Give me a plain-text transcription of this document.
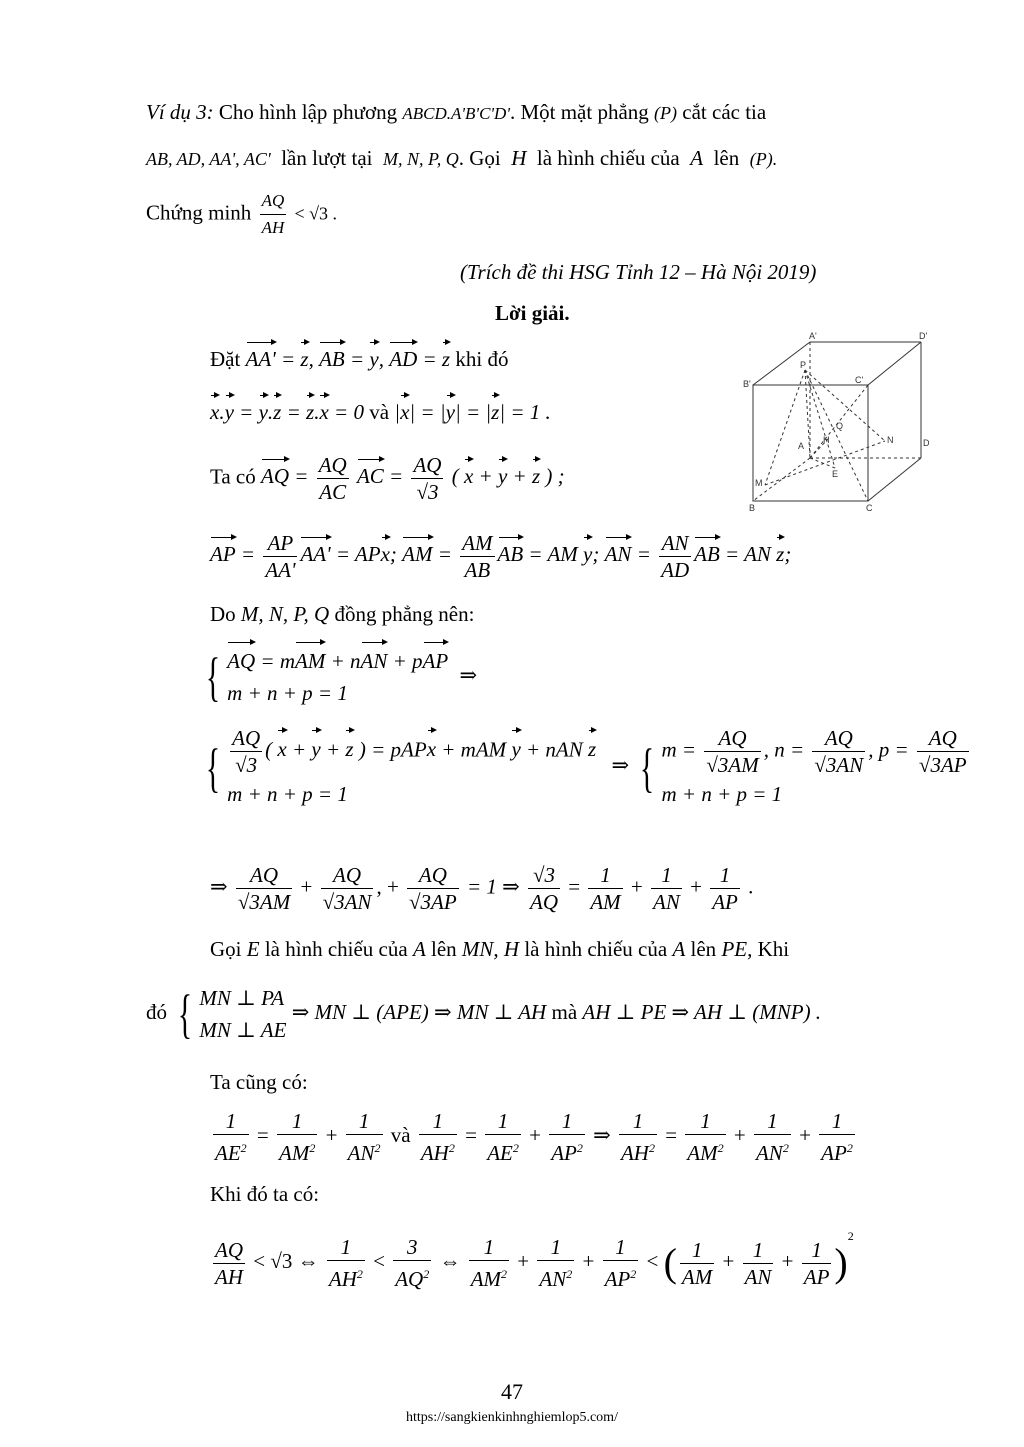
Ví dụ 3: Cho hình lập phương ABCD.A'B'C'D'. Một mặt phẳng (P) cắt các tia
AB, AD, AA', AC' lần lượt tại M, N, P, Q. Gọi H là hình chiếu của A lên (P).
Chứng minh $\frac{AQ}{AH} < √3$ .
(Trích đề thi HSG Tỉnh 12 – Hà Nội 2019)
Lời giải.
Đặt AA' = z, AB = y, AD = z khi đó
x.y = y.z = z.x = 0 và |x| = |y| = |z| = 1 .
Ta có AQ = $\frac{AQ}{AC}$ AC = $\frac{AQ}{√3}$ ( x + y + z ) ;
AP = $\frac{AP}{AA'} AA'$ = APx; AM = $\frac{AM}{AB}$ AB = AM y; AN = $\frac{AN}{AD}$ AB = AN z;
Do M, N, P, Q đồng phẳng nên:
{ AQ = mAM + nAN + pAP
m + n + p = 1
⇒
{ $\frac{AQ}{√3}$ ( x + y + z ) = pAPx + mAM y + nAN z
m + n + p = 1
⇒ { $m = \frac{AQ}{√3AM}$ , $n = \frac{AQ}{√3AN}$ , $p = \frac{AQ}{√3AP}$
m + n + p = 1
⇒ $\frac{AQ}{√3AM} + \frac{AQ}{√3AN}$ , + $\frac{AQ}{√3AP} = 1$ ⇒ $\frac{√3}{AQ} = \frac{1}{AM} + \frac{1}{AN} + \frac{1}{AP}$ .
Gọi E là hình chiếu của A lên MN, H là hình chiếu của A lên PE, Khi
đó { MN ⊥ PA
MN ⊥ AE
⇒ MN ⊥ (APE) ⇒ MN ⊥ AH mà AH ⊥ PE ⇒ AH ⊥ (MNP) .
Ta cũng có:
$\frac{1}{AE^2} = \frac{1}{AM^2} + \frac{1}{AN^2}$ và $\frac{1}{AH^2} = \frac{1}{AE^2} + \frac{1}{AP^2}$ ⇒ $\frac{1}{AH^2} = \frac{1}{AM^2} + \frac{1}{AN^2} + \frac{1}{AP^2}$
Khi đó ta có:
$\frac{AQ}{AH} < √3$ ⇔ $\frac{1}{AH^2} < \frac{3}{AQ^2}$ ⇔ $\frac{1}{AM^2} + \frac{1}{AN^2} + \frac{1}{AP^2}$ < ( $\frac{1}{AM} + \frac{1}{AN} + \frac{1}{AP} )^2$
A'	D'
B'	C'
P
H
Q
A
N	D
E
M
B	C
47
https://sangkienkinhnghiemlop5.com/
